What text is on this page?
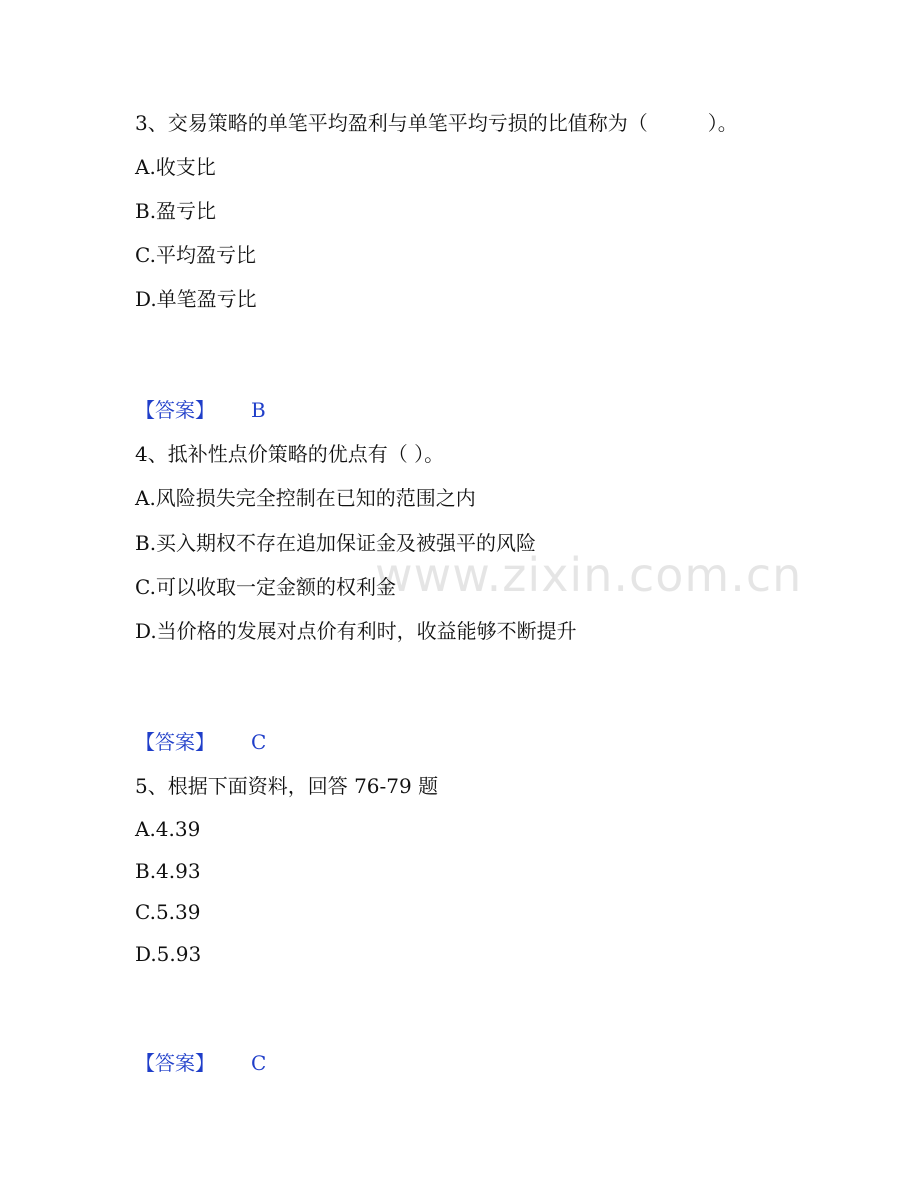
www.zixin.com.cn
3、交易策略的单笔平均盈利与单笔平均亏损的比值称为（　　　）。
A.收支比
B.盈亏比
C.平均盈亏比
D.单笔盈亏比
【答案】 B
4、抵补性点价策略的优点有（ ）。
A.风险损失完全控制在已知的范围之内
B.买入期权不存在追加保证金及被强平的风险
C.可以收取一定金额的权利金
D.当价格的发展对点价有利时，收益能够不断提升
【答案】 C
5、根据下面资料，回答 76-79 题
A.4.39
B.4.93
C.5.39
D.5.93
【答案】 C
